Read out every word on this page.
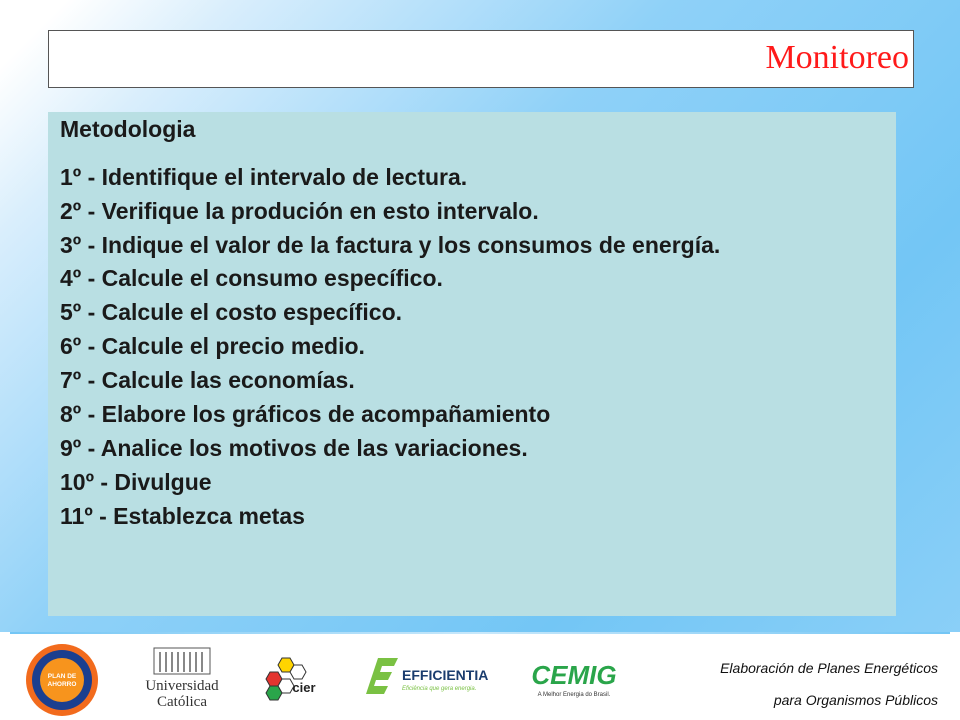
Monitoreo
Metodologia
1º - Identifique el intervalo de lectura.
2º - Verifique la produción en esto intervalo.
3º - Indique el valor de la factura y los consumos de energía.
4º - Calcule el consumo específico.
5º - Calcule el costo específico.
6º - Calcule el precio medio.
7º - Calcule las economías.
8º - Elabore los gráficos de acompañamiento
9º - Analice los motivos de las variaciones.
10º - Divulgue
11º - Establezca metas
PLAN DE
AHORRO	Universidad
Católica
cier
EFFICIENTIA
Eficiência que gera energia. CEMIG
A Melhor Energia do Brasil.
Elaboración de Planes Energéticos
para Organismos Públicos
